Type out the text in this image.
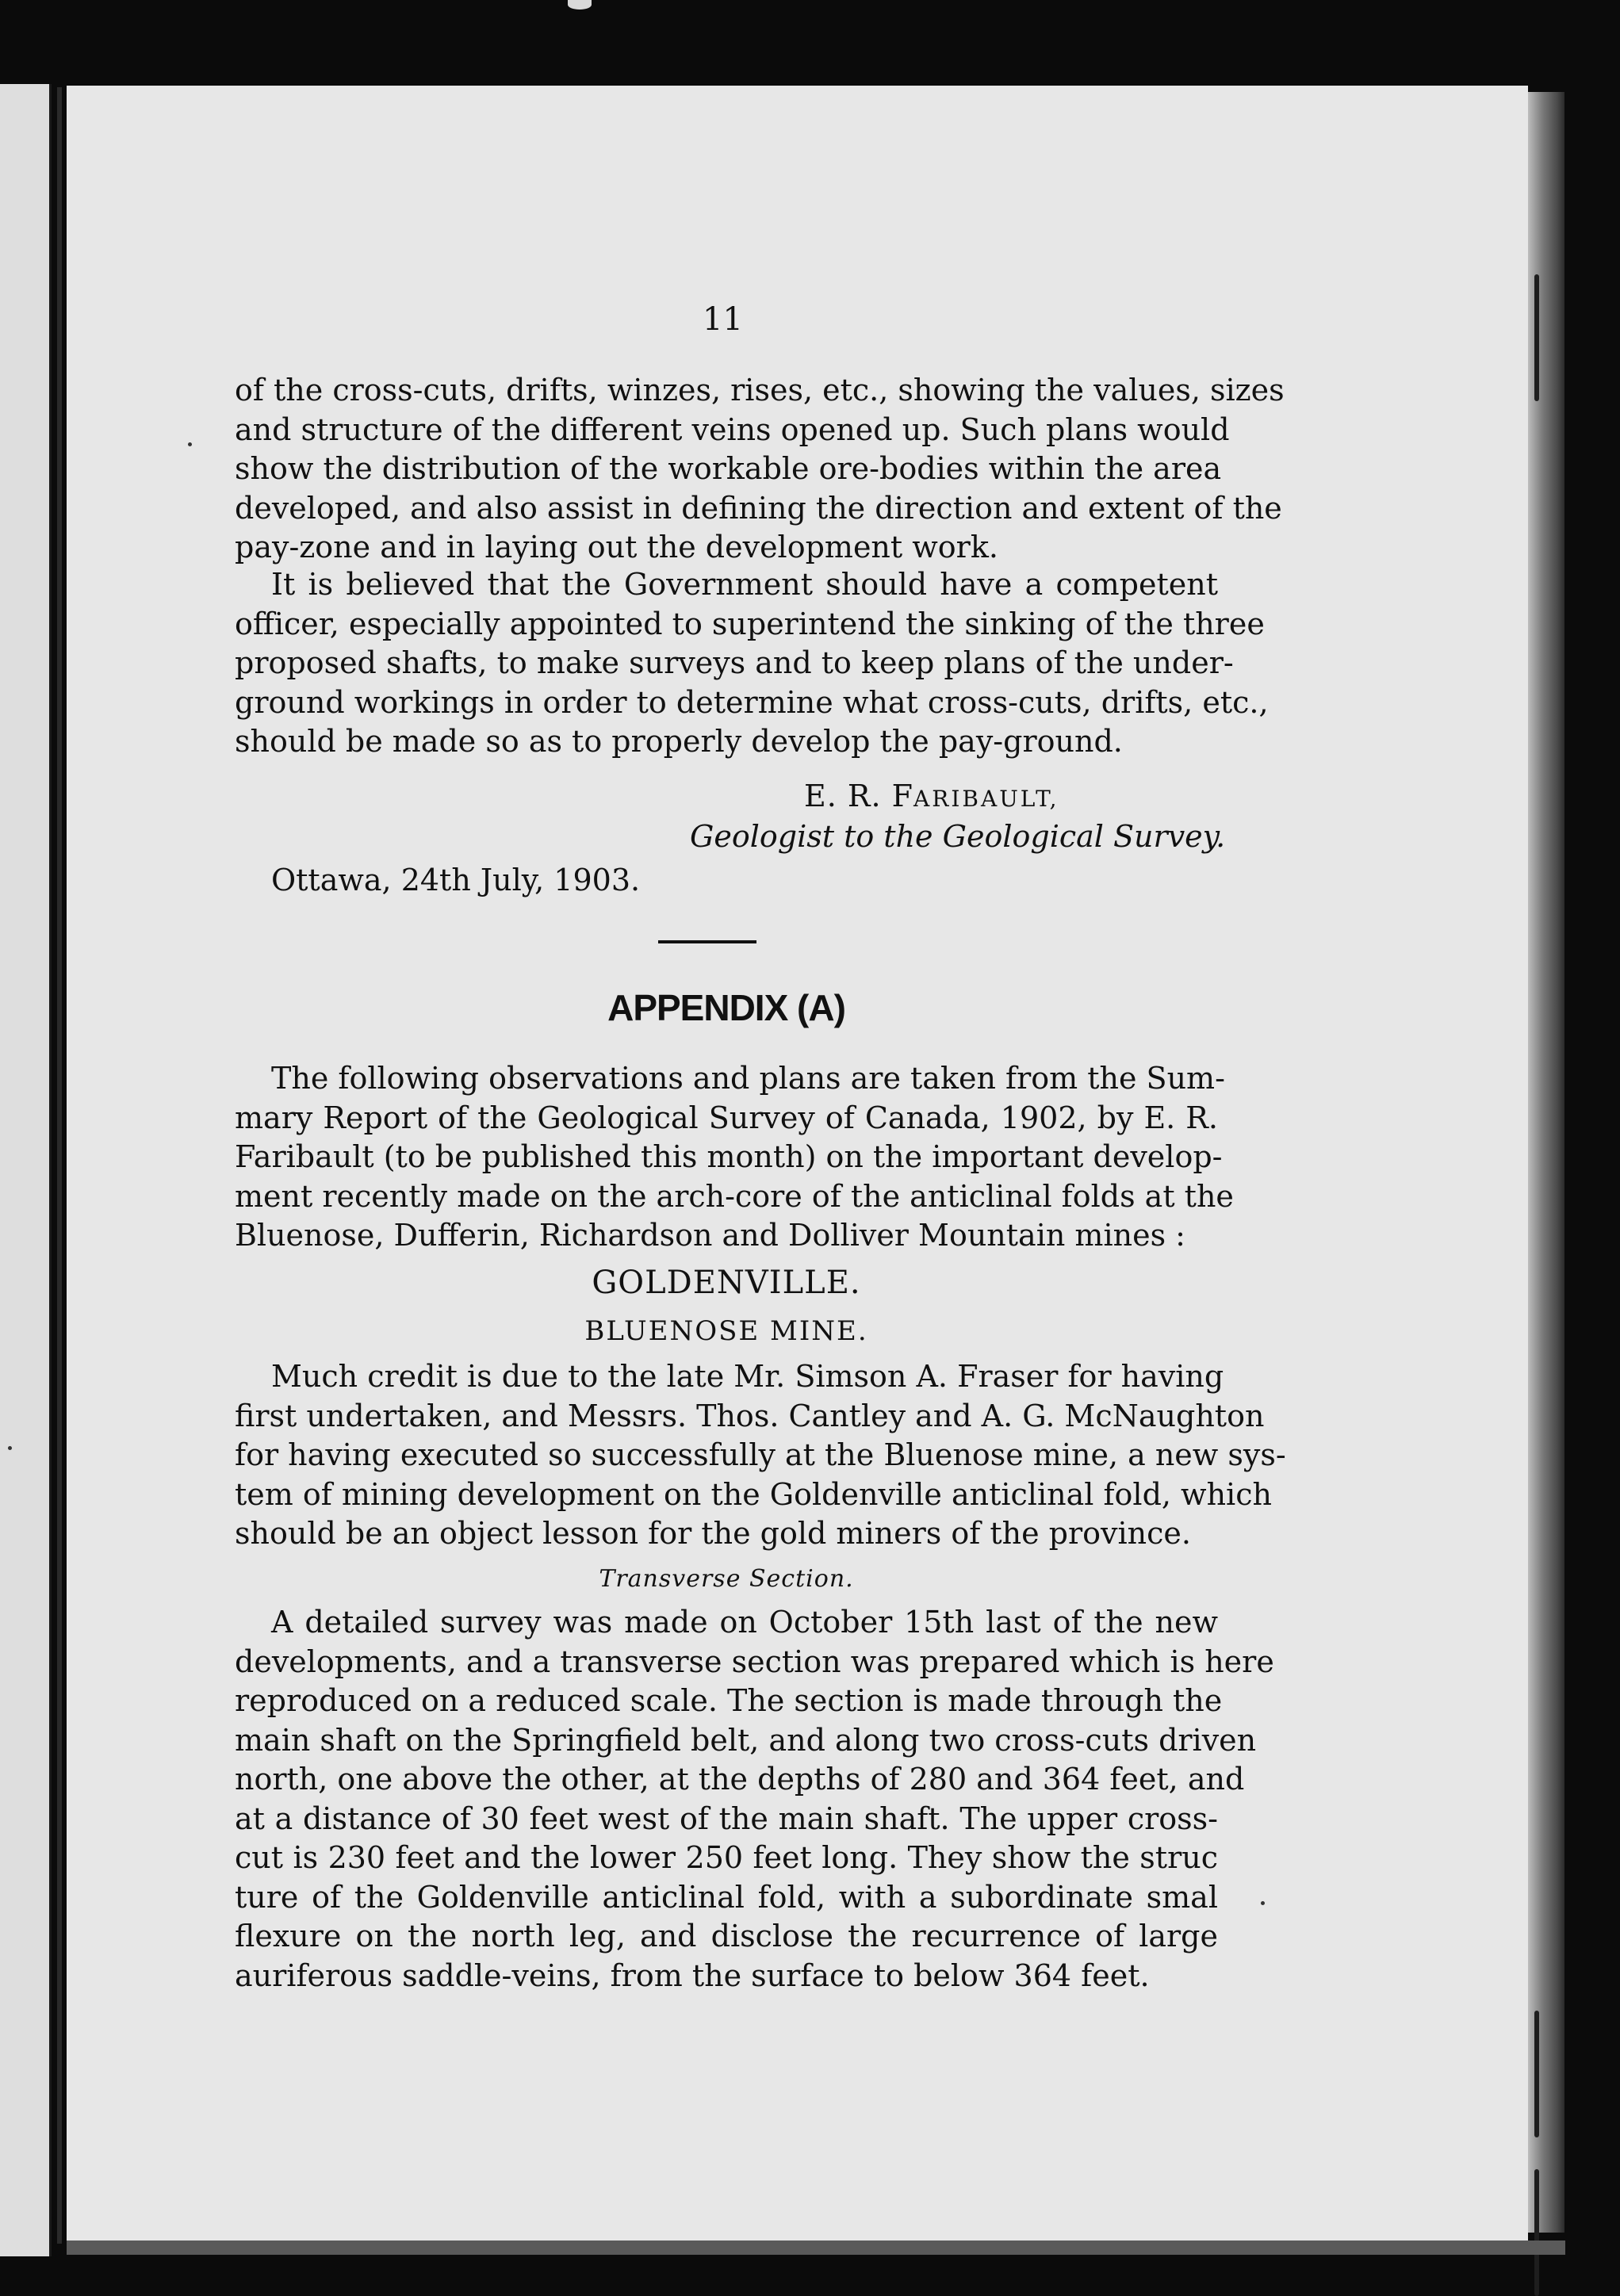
11
of the cross-cuts, drifts, winzes, rises, etc., showing the values, sizes
and structure of the different veins opened up. Such plans would
show the distribution of the workable ore-bodies within the area
developed, and also assist in defining the direction and extent of the
pay-zone and in laying out the development work.
It is believed that the Government should have a competent
officer, especially appointed to superintend the sinking of the three
proposed shafts, to make surveys and to keep plans of the under-
ground workings in order to determine what cross-cuts, drifts, etc.,
should be made so as to properly develop the pay-ground.
E. R. FARIBAULT,
Geologist to the Geological Survey.
Ottawa, 24th July, 1903.
APPENDIX (A)
The following observations and plans are taken from the Sum-
mary Report of the Geological Survey of Canada, 1902, by E. R.
Faribault (to be published this month) on the important develop-
ment recently made on the arch-core of the anticlinal folds at the
Bluenose, Dufferin, Richardson and Dolliver Mountain mines :
GOLDENVILLE.
BLUENOSE MINE.
Much credit is due to the late Mr. Simson A. Fraser for having
first undertaken, and Messrs. Thos. Cantley and A. G. McNaughton
for having executed so successfully at the Bluenose mine, a new sys-
tem of mining development on the Goldenville anticlinal fold, which
should be an object lesson for the gold miners of the province.
Transverse Section.
A detailed survey was made on October 15th last of the new
developments, and a transverse section was prepared which is here
reproduced on a reduced scale. The section is made through the
main shaft on the Springfield belt, and along two cross-cuts driven
north, one above the other, at the depths of 280 and 364 feet, and
at a distance of 30 feet west of the main shaft. The upper cross-
cut is 230 feet and the lower 250 feet long. They show the struc
ture of the Goldenville anticlinal fold, with a subordinate smal
flexure on the north leg, and disclose the recurrence of large
auriferous saddle-veins, from the surface to below 364 feet.
